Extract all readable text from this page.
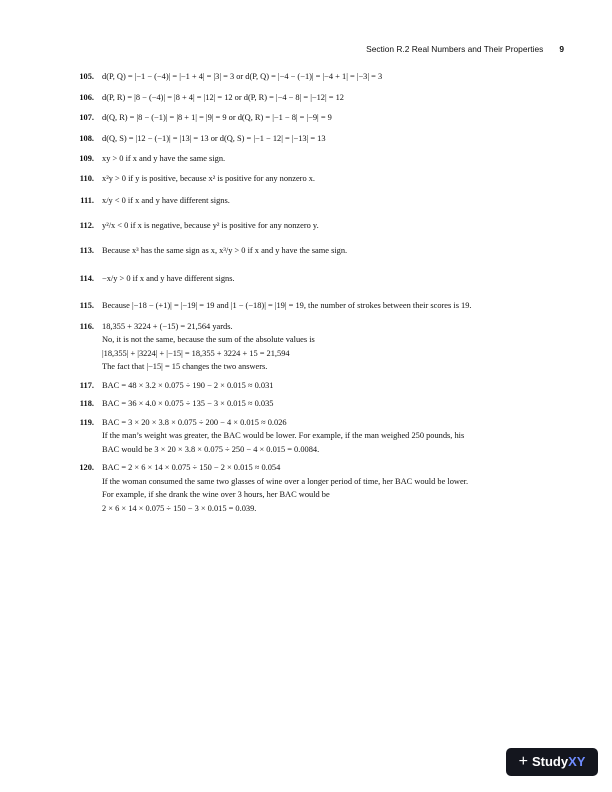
Section R.2 Real Numbers and Their Properties 9
105. d(P, Q) = |−1 − (−4)| = |−1 + 4| = |3| = 3 or d(P, Q) = |−4 − (−1)| = |−4 + 1| = |−3| = 3
106. d(P, R) = |8 − (−4)| = |8 + 4| = |12| = 12 or d(P, R) = |−4 − 8| = |−12| = 12
107. d(Q, R) = |8 − (−1)| = |8 + 1| = |9| = 9 or d(Q, R) = |−1 − 8| = |−9| = 9
108. d(Q, S) = |12 − (−1)| = |13| = 13 or d(Q, S) = |−1 − 12| = |−13| = 13
109. xy > 0 if x and y have the same sign.
110. x²y > 0 if y is positive, because x² is positive for any nonzero x.
111. x/y < 0 if x and y have different signs.
112. y²/x < 0 if x is negative, because y² is positive for any nonzero y.
113. Because x³ has the same sign as x, x³/y > 0 if x and y have the same sign.
114. −x/y > 0 if x and y have different signs.
115. Because |−18 − (+1)| = |−19| = 19 and |1 − (−18)| = |19| = 19, the number of strokes between their scores is 19.
116. 18,355 + 3224 + (−15) = 21,564 yards.
No, it is not the same, because the sum of the absolute values is
|18,355| + |3224| + |−15| = 18,355 + 3224 + 15 = 21,594
The fact that |−15| = 15 changes the two answers.
117. BAC = 48 × 3.2 × 0.075 ÷ 190 − 2 × 0.015 ≈ 0.031
118. BAC = 36 × 4.0 × 0.075 ÷ 135 − 3 × 0.015 ≈ 0.035
119. BAC = 3 × 20 × 3.8 × 0.075 ÷ 200 − 4 × 0.015 ≈ 0.026
If the man’s weight was greater, the BAC would be lower. For example, if the man weighed 250 pounds, his
BAC would be 3 × 20 × 3.8 × 0.075 ÷ 250 − 4 × 0.015 = 0.0084.
120. BAC = 2 × 6 × 14 × 0.075 ÷ 150 − 2 × 0.015 ≈ 0.054
If the woman consumed the same two glasses of wine over a longer period of time, her BAC would be lower.
For example, if she drank the wine over 3 hours, her BAC would be
2 × 6 × 14 × 0.075 ÷ 150 − 3 × 0.015 = 0.039.
+ Study XY
